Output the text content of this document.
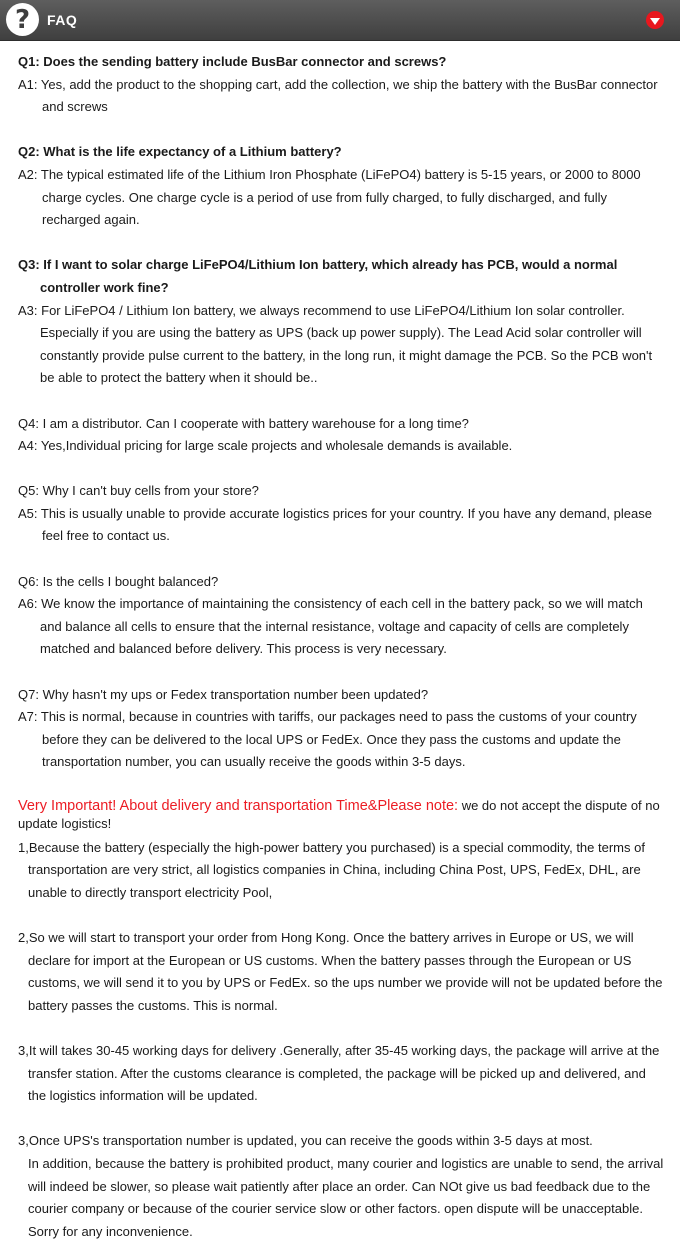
? FAQ

Q1: Does the sending battery include BusBar connector and screws?

A1: Yes, add the product to the shopping cart, add the collection, we ship the battery with the BusBar connector and screws

Q2: What is the life expectancy of a Lithium battery?

A2: The typical estimated life of the Lithium Iron Phosphate (LiFePO4) battery is 5-15 years, or 2000 to 8000 charge cycles. One charge cycle is a period of use from fully charged, to fully discharged, and fully recharged again.

Q3: If I want to solar charge LiFePO4/Lithium Ion battery, which already has PCB, would a normal controller work fine?

A3: For LiFePO4 / Lithium Ion battery, we always recommend to use LiFePO4/Lithium Ion solar controller. Especially if you are using the battery as UPS (back up power supply). The Lead Acid solar controller will constantly provide pulse current to the battery, in the long run, it might damage the PCB. So the PCB won't be able to protect the battery when it should be..

Q4: I am a distributor. Can I cooperate with battery warehouse for a long time?

A4: Yes,Individual pricing for large scale projects and wholesale demands is available.

Q5: Why I can't buy cells from your store?

A5: This is usually unable to provide accurate logistics prices for your country. If you have any demand, please feel free to contact us.

Q6: Is the cells I bought balanced?

A6: We know the importance of maintaining the consistency of each cell in the battery pack, so we will match and balance all cells to ensure that the internal resistance, voltage and capacity of cells are completely matched and balanced before delivery. This process is very necessary.

Q7: Why hasn't my ups or Fedex transportation number been updated?

A7: This is normal, because in countries with tariffs, our packages need to pass the customs of your country before they can be delivered to the local UPS or FedEx. Once they pass the customs and update the transportation number, you can usually receive the goods within 3-5 days.

Very Important! About delivery and transportation Time&Please note: we do not accept the dispute of no update logistics!

1,Because the battery (especially the high-power battery you purchased) is a special commodity, the terms of transportation are very strict, all logistics companies in China, including China Post, UPS, FedEx, DHL, are unable to directly transport electricity Pool,

2,So we will start to transport your order from Hong Kong. Once the battery arrives in Europe or US, we will declare for import at the European or US customs. When the battery passes through the European or US customs, we will send it to you by UPS or FedEx. so the ups number we provide will not be updated before the battery passes the customs. This is normal.

3,It will takes 30-45 working days for delivery .Generally, after 35-45 working days, the package will arrive at the transfer station. After the customs clearance is completed, the package will be picked up and delivered, and the logistics information will be updated.

3,Once UPS's transportation number is updated, you can receive the goods within 3-5 days at most.
In addition, because the battery is prohibited product, many courier and logistics are unable to send, the arrival will indeed be slower, so please wait patiently after place an order. Can NOt give us bad feedback due to the courier company or because of the courier service slow or other factors. open dispute will be unacceptable. Sorry for any inconvenience.
